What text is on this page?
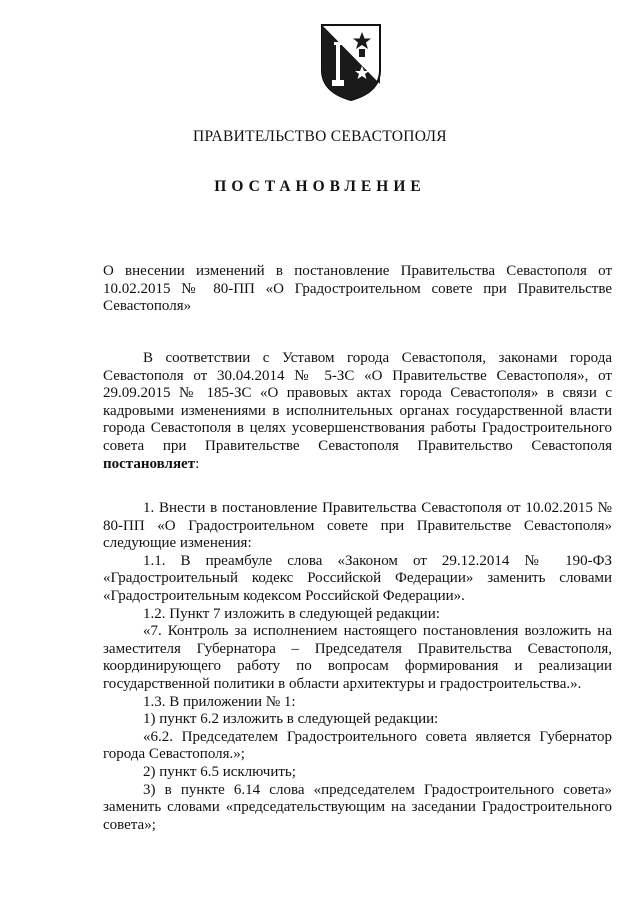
ПРАВИТЕЛЬСТВО СЕВАСТОПОЛЯ
ПОСТАНОВЛЕНИЕ

О внесении изменений в постановление Правительства Севастополя от 10.02.2015 № 80-ПП «О Градостроительном совете при Правительстве Севастополя»

В соответствии с Уставом города Севастополя, законами города Севастополя от 30.04.2014 № 5-ЗС «О Правительстве Севастополя», от 29.09.2015 № 185-ЗС «О правовых актах города Севастополя» в связи с кадровыми изменениями в исполнительных органах государственной власти города Севастополя в целях усовершенствования работы Градостроительного совета при Правительстве Севастополя Правительство Севастополя постановляет:

1. Внести в постановление Правительства Севастополя от 10.02.2015 № 80-ПП «О Градостроительном совете при Правительстве Севастополя» следующие изменения:

1.1. В преамбуле слова «Законом от 29.12.2014 № 190-ФЗ «Градостроительный кодекс Российской Федерации» заменить словами «Градостроительным кодексом Российской Федерации».

1.2. Пункт 7 изложить в следующей редакции:

«7. Контроль за исполнением настоящего постановления возложить на заместителя Губернатора – Председателя Правительства Севастополя, координирующего работу по вопросам формирования и реализации государственной политики в области архитектуры и градостроительства.».

1.3. В приложении № 1:

1) пункт 6.2 изложить в следующей редакции:

«6.2. Председателем Градостроительного совета является Губернатор города Севастополя.»;

2) пункт 6.5 исключить;

3) в пункте 6.14 слова «председателем Градостроительного совета» заменить словами «председательствующим на заседании Градостроительного совета»;
